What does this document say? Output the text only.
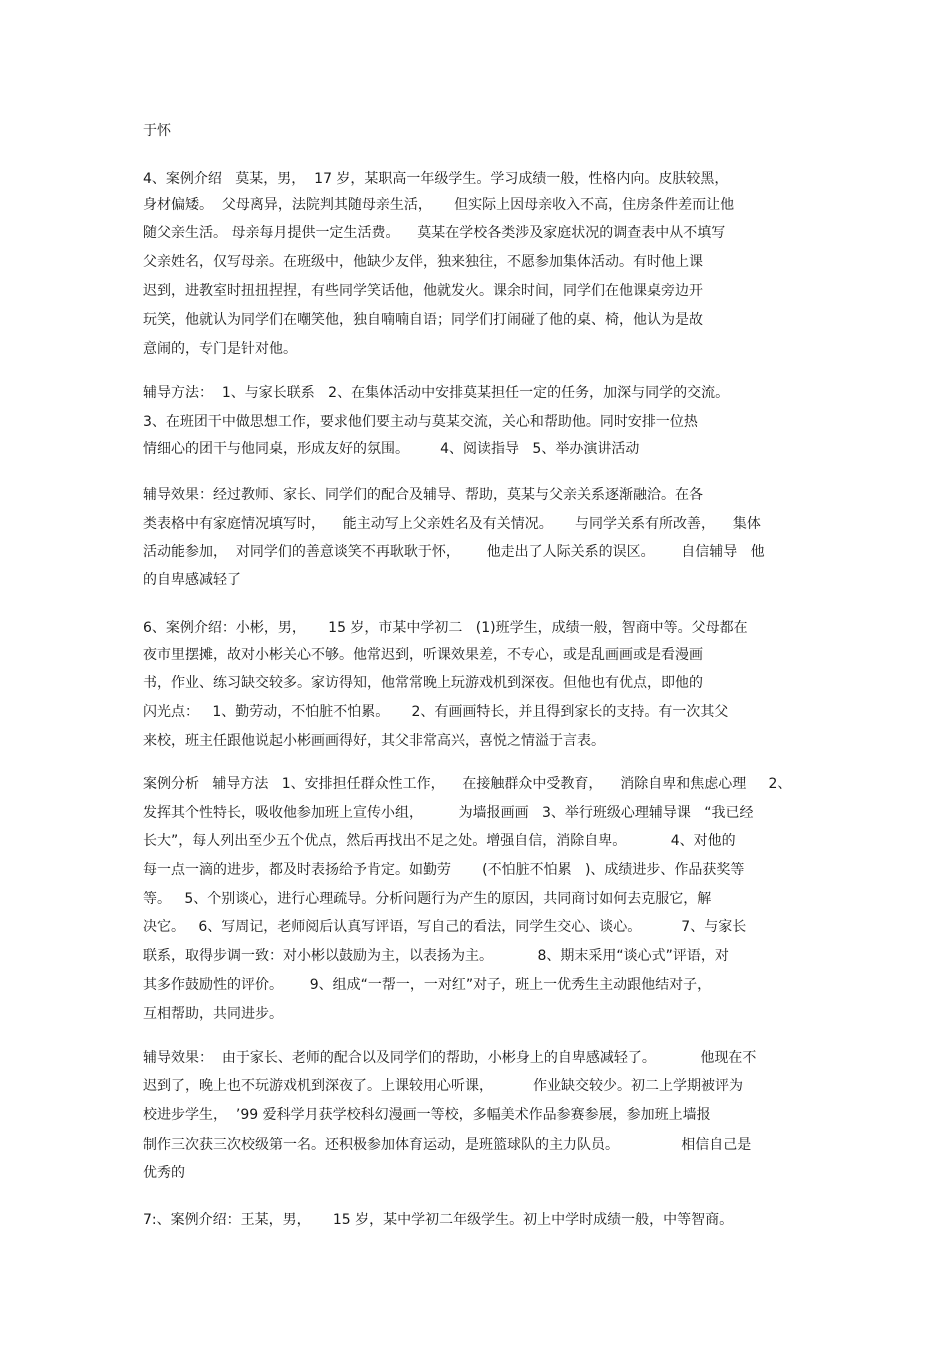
于怀
4、案例介绍   莫某，男，  17 岁，某职高一年级学生。学习成绩一般，性格内向。皮肤较黑，
身材偏矮。  父母离异，法院判其随母亲生活，     但实际上因母亲收入不高，住房条件差而让他
随父亲生活。 母亲每月提供一定生活费。    莫某在学校各类涉及家庭状况的调查表中从不填写
父亲姓名，仅写母亲。在班级中，他缺少友伴，独来独往，不愿参加集体活动。有时他上课
迟到，进教室时扭扭捏捏，有些同学笑话他，他就发火。课余时间，同学们在他课桌旁边开
玩笑，他就认为同学们在嘲笑他，独自喃喃自语；同学们打闹碰了他的桌、椅，他认为是故
意闹的，专门是针对他。
辅导方法：  1、与家长联系   2、在集体活动中安排莫某担任一定的任务，加深与同学的交流。
3、在班团干中做思想工作，要求他们要主动与莫某交流，关心和帮助他。同时安排一位热
情细心的团干与他同桌，形成友好的氛围。       4、阅读指导   5、举办演讲活动
辅导效果：经过教师、家长、同学们的配合及辅导、帮助，莫某与父亲关系逐渐融洽。在各
类表格中有家庭情况填写时，    能主动写上父亲姓名及有关情况。     与同学关系有所改善，    集体
活动能参加，  对同学们的善意谈笑不再耿耿于怀，      他走出了人际关系的误区。      自信辅导   他
的自卑感减轻了
6、案例介绍：小彬，男，     15 岁，市某中学初二   (1)班学生，成绩一般，智商中等。父母都在
夜市里摆摊，故对小彬关心不够。他常迟到，听课效果差，不专心，或是乱画画或是看漫画
书，作业、练习缺交较多。家访得知，他常常晚上玩游戏机到深夜。但他也有优点，即他的
闪光点：   1、勤劳动，不怕脏不怕累。     2、有画画特长，并且得到家长的支持。有一次其父
来校，班主任跟他说起小彬画画得好，其父非常高兴，喜悦之情溢于言表。
案例分析   辅导方法   1、安排担任群众性工作，    在接触群众中受教育，    消除自卑和焦虑心理     2、
发挥其个性特长，吸收他参加班上宣传小组，        为墙报画画   3、举行班级心理辅导课   “我已经
长大”，每人列出至少五个优点，然后再找出不足之处。增强自信，消除自卑。          4、对他的
每一点一滴的进步，都及时表扬给予肯定。如勤劳       (不怕脏不怕累   )、成绩进步、作品获奖等
等。   5、个别谈心，进行心理疏导。分析问题行为产生的原因，共同商讨如何去克服它，解
决它。   6、写周记，老师阅后认真写评语，写自己的看法，同学生交心、谈心。         7、与家长
联系，取得步调一致：对小彬以鼓励为主，以表扬为主。          8、期末采用“谈心式”评语，对
其多作鼓励性的评价。      9、组成“一帮一，一对红”对子，班上一优秀生主动跟他结对子，
互相帮助，共同进步。
辅导效果：  由于家长、老师的配合以及同学们的帮助，小彬身上的自卑感减轻了。          他现在不
迟到了，晚上也不玩游戏机到深夜了。上课较用心听课，         作业缺交较少。初二上学期被评为
校进步学生，  ’99 爱科学月获学校科幻漫画一等校，多幅美术作品参赛参展，参加班上墙报
制作三次获三次校级第一名。还积极参加体育运动，是班篮球队的主力队员。              相信自己是
优秀的
7:、案例介绍：王某，男，     15 岁，某中学初二年级学生。初上中学时成绩一般，中等智商。
